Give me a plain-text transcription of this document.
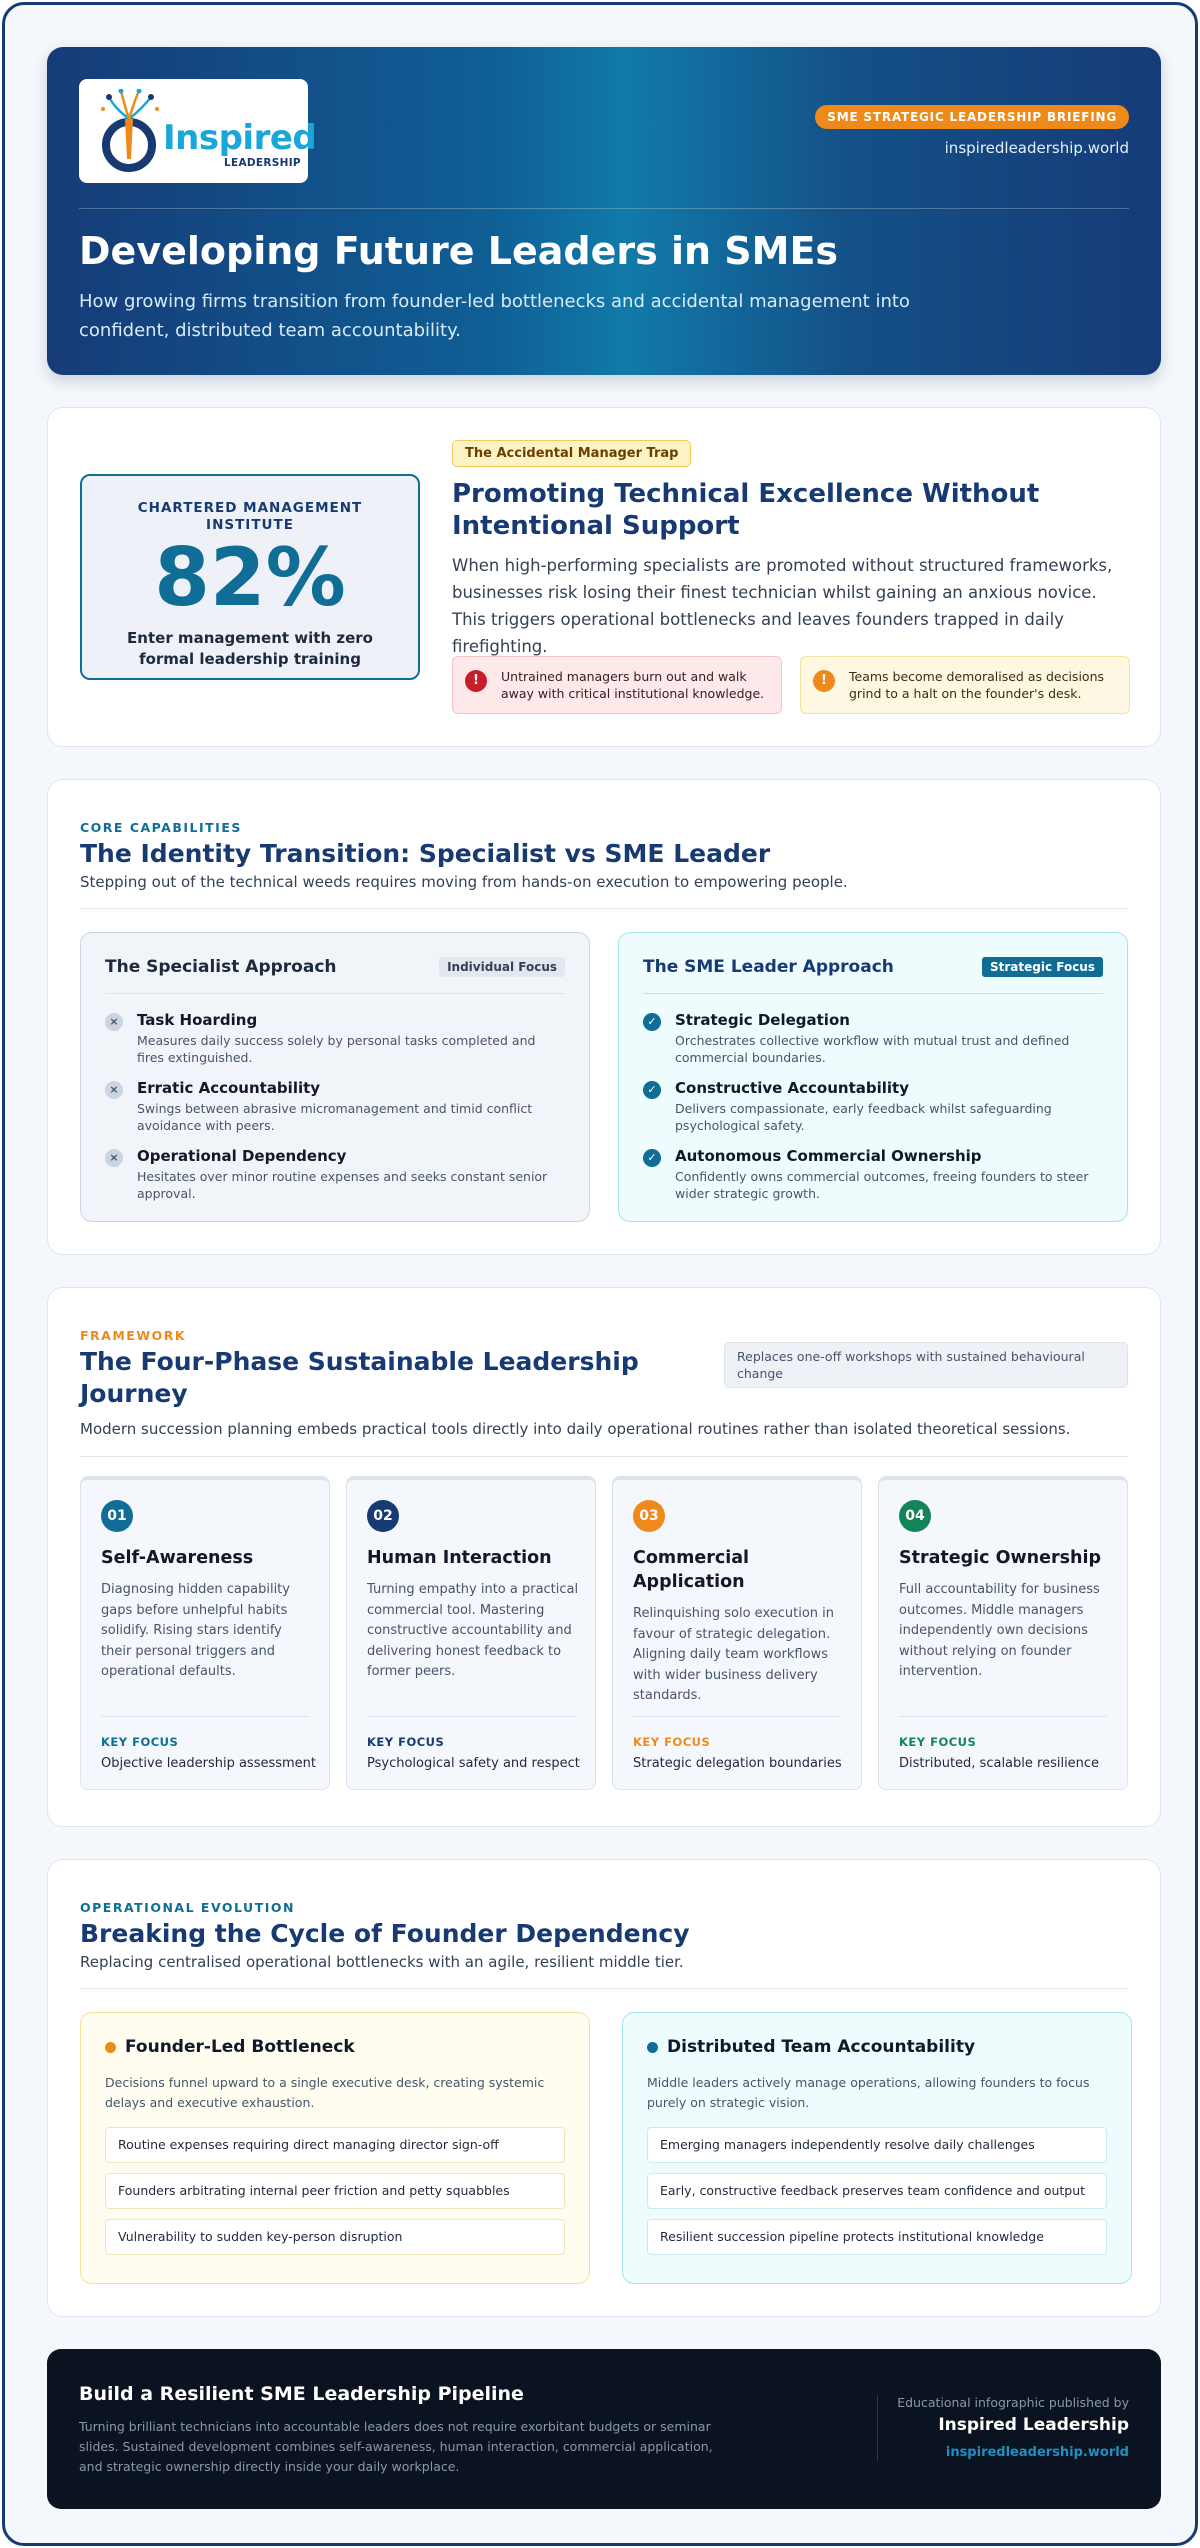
Inspired
LEADERSHIP
SME STRATEGIC LEADERSHIP BRIEFING
inspiredleadership.world
Developing Future Leaders in SMEs
How growing firms transition from founder-led bottlenecks and accidental management into confident, distributed team accountability.
CHARTERED MANAGEMENT INSTITUTE
82%
Enter management with zero formal leadership training
The Accidental Manager Trap
Promoting Technical Excellence Without Intentional Support
When high-performing specialists are promoted without structured frameworks, businesses risk losing their finest technician whilst gaining an anxious novice. This triggers operational bottlenecks and leaves founders trapped in daily firefighting.
!	Untrained managers burn out and walk away with critical institutional knowledge.
!	Teams become demoralised as decisions grind to a halt on the founder's desk.
CORE CAPABILITIES
The Identity Transition: Specialist vs SME Leader
Stepping out of the technical weeds requires moving from hands-on execution to empowering people.
The Specialist Approach	Individual Focus
× Task Hoarding
Measures daily success solely by personal tasks completed and fires extinguished.
× Erratic Accountability
Swings between abrasive micromanagement and timid conflict avoidance with peers.
× Operational Dependency
Hesitates over minor routine expenses and seeks constant senior approval.
The SME Leader Approach	Strategic Focus
✓ Strategic Delegation
Orchestrates collective workflow with mutual trust and defined commercial boundaries.
✓ Constructive Accountability
Delivers compassionate, early feedback whilst safeguarding psychological safety.
✓ Autonomous Commercial Ownership
Confidently owns commercial outcomes, freeing founders to steer wider strategic growth.
FRAMEWORK
The Four-Phase Sustainable Leadership Journey
Replaces one-off workshops with sustained behavioural change
Modern succession planning embeds practical tools directly into daily operational routines rather than isolated theoretical sessions.
01
Self-Awareness
Diagnosing hidden capability gaps before unhelpful habits solidify. Rising stars identify their personal triggers and operational defaults.
KEY FOCUS
Objective leadership assessment
02
Human Interaction
Turning empathy into a practical commercial tool. Mastering constructive accountability and delivering honest feedback to former peers.
KEY FOCUS
Psychological safety and respect
03
Commercial Application
Relinquishing solo execution in favour of strategic delegation. Aligning daily team workflows with wider business delivery standards.
KEY FOCUS
Strategic delegation boundaries
04
Strategic Ownership
Full accountability for business outcomes. Middle managers independently own decisions without relying on founder intervention.
KEY FOCUS
Distributed, scalable resilience
OPERATIONAL EVOLUTION
Breaking the Cycle of Founder Dependency
Replacing centralised operational bottlenecks with an agile, resilient middle tier.
Founder-Led Bottleneck
Decisions funnel upward to a single executive desk, creating systemic delays and executive exhaustion.
Routine expenses requiring direct managing director sign-off
Founders arbitrating internal peer friction and petty squabbles
Vulnerability to sudden key-person disruption
Distributed Team Accountability
Middle leaders actively manage operations, allowing founders to focus purely on strategic vision.
Emerging managers independently resolve daily challenges
Early, constructive feedback preserves team confidence and output
Resilient succession pipeline protects institutional knowledge
Build a Resilient SME Leadership Pipeline
Turning brilliant technicians into accountable leaders does not require exorbitant budgets or seminar slides. Sustained development combines self-awareness, human interaction, commercial application, and strategic ownership directly inside your daily workplace.
Educational infographic published by
Inspired Leadership
inspiredleadership.world
